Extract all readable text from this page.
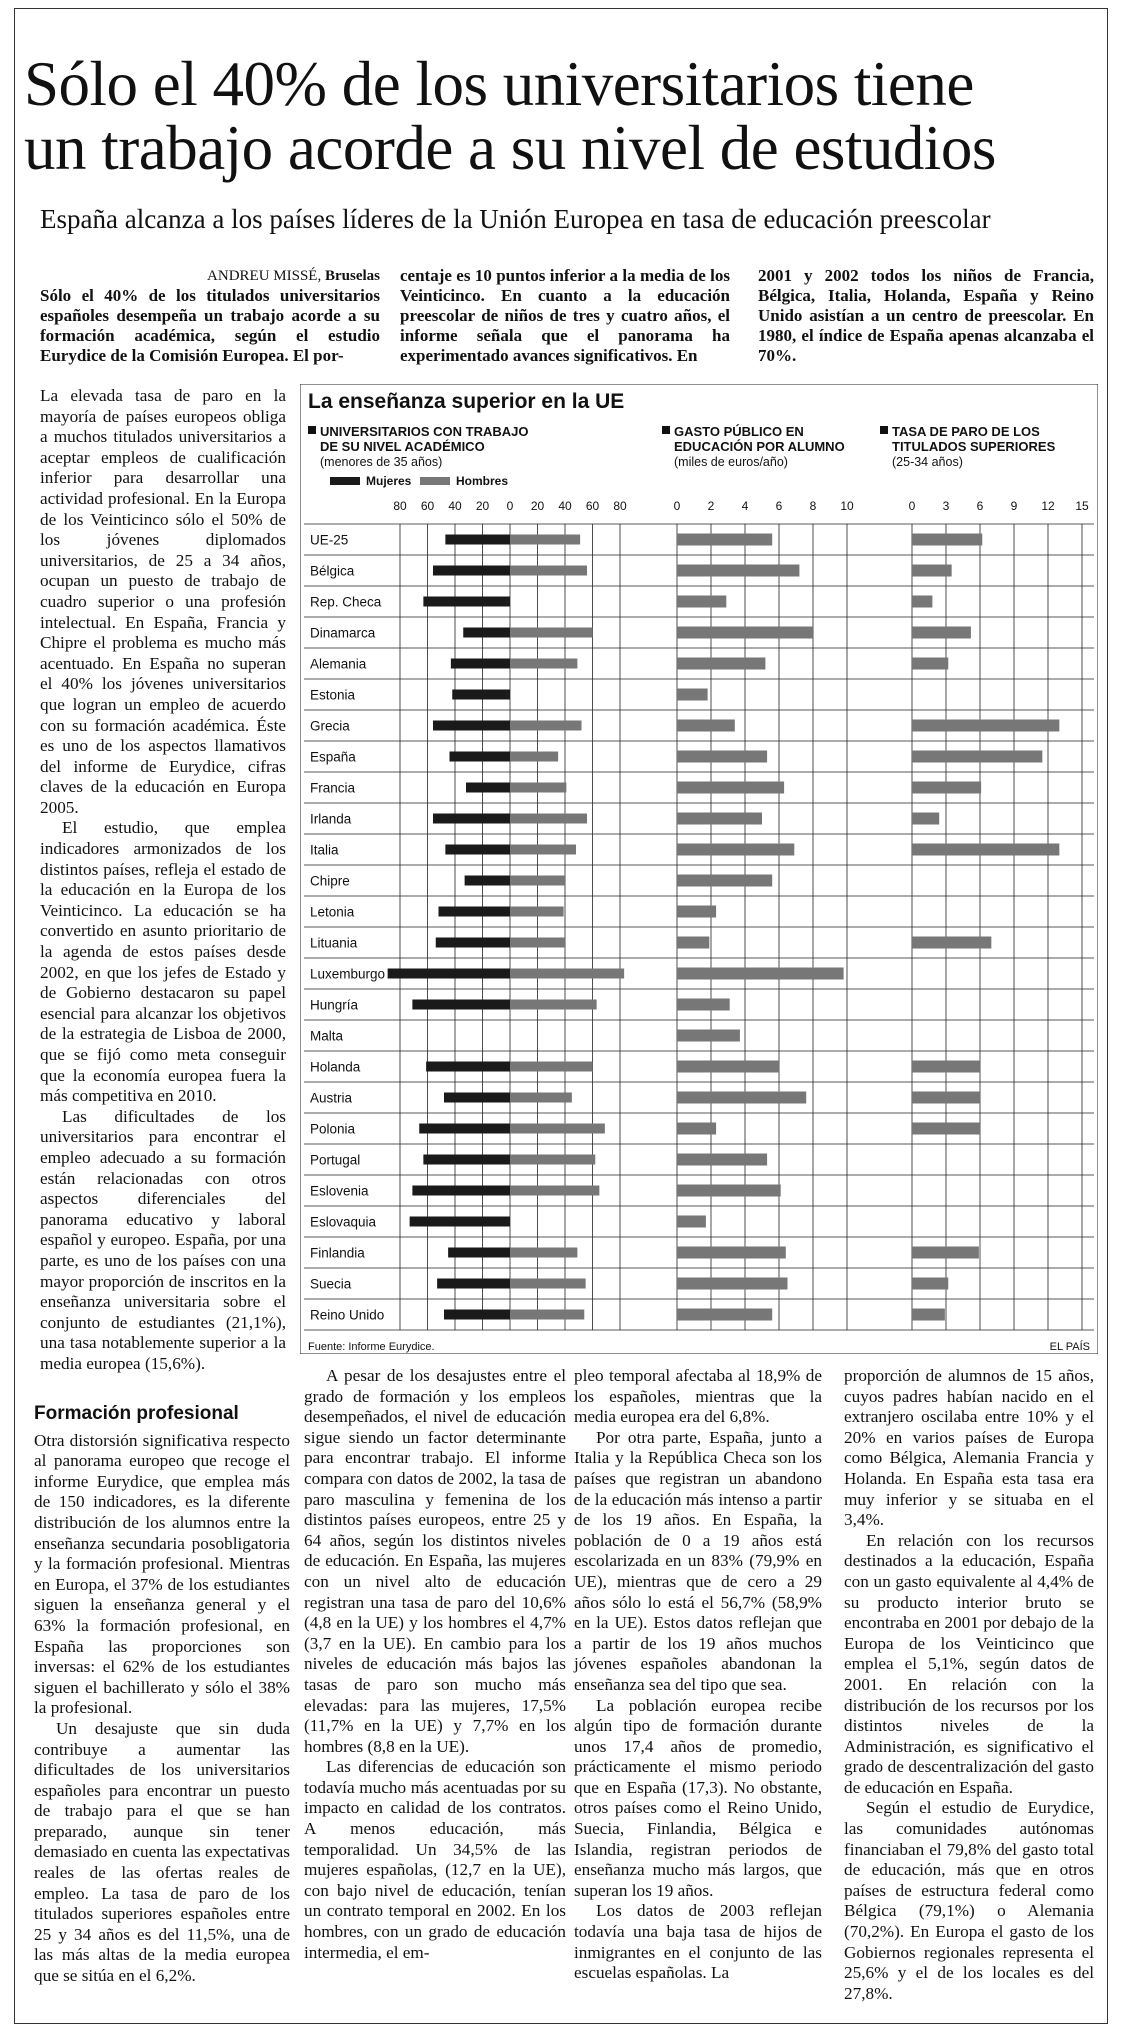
Sólo el 40% de los universitarios tiene
un trabajo acorde a su nivel de estudios
España alcanza a los países líderes de la Unión Europea en tasa de educación preescolar
ANDREU MISSÉ, Bruselas
Sólo el 40% de los titulados universitarios españoles desempeña un trabajo acorde a su formación académica, según el estudio Eurydice de la Comisión Europea. El por-
centaje es 10 puntos inferior a la media de los Veinticinco. En cuanto a la educación preescolar de niños de tres y cuatro años, el informe señala que el panorama ha experimentado avances significativos. En
2001 y 2002 todos los niños de Francia, Bélgica, Italia, Holanda, España y Reino Unido asistían a un centro de preescolar. En 1980, el índice de España apenas alcanzaba el 70%.

La elevada tasa de paro en la mayoría de países europeos obliga a muchos titulados universitarios a aceptar empleos de cualificación inferior para desarrollar una actividad profesional. En la Europa de los Veinticinco sólo el 50% de los jóvenes diplomados universitarios, de 25 a 34 años, ocupan un puesto de trabajo de cuadro superior o una profesión intelectual. En España, Francia y Chipre el problema es mucho más acentuado. En España no superan el 40% los jóvenes universitarios que logran un empleo de acuerdo con su formación académica. Éste es uno de los aspectos llamativos del informe de Eurydice, cifras claves de la educación en Europa 2005.

El estudio, que emplea indicadores armonizados de los distintos países, refleja el estado de la educación en la Europa de los Veinticinco. La educación se ha convertido en asunto prioritario de la agenda de estos países desde 2002, en que los jefes de Estado y de Gobierno destacaron su papel esencial para alcanzar los objetivos de la estrategia de Lisboa de 2000, que se fijó como meta conseguir que la economía europea fuera la más competitiva en 2010.

Las dificultades de los universitarios para encontrar el empleo adecuado a su formación están relacionadas con otros aspectos diferenciales del panorama educativo y laboral español y europeo. España, por una parte, es uno de los países con una mayor proporción de inscritos en la enseñanza universitaria sobre el conjunto de estudiantes (21,1%), una tasa notablemente superior a la media europea (15,6%).

La enseñanza superior en la UE
UE-25
Bélgica
Rep. Checa
Dinamarca
Alemania
Estonia
Grecia
España
Francia
Irlanda
Italia
Chipre
Letonia
Lituania
Luxemburgo
Hungría
Malta
Holanda
Austria
Polonia
Portugal
Eslovenia
Eslovaquia
Finlandia
Suecia
Reino Unido
UNIVERSITARIOS CON TRABAJO
DE SU NIVEL ACADÉMICO
(menores de 35 años)
80 60 40 20 0 20 40 60 80
Mujeres	Hombres
GASTO PÚBLICO EN
EDUCACIÓN POR ALUMNO
(miles de euros/año)
0 2 4 6 8 10
TASA DE PARO DE LOS
TITULADOS SUPERIORES
(25-34 años)
0 3 6 9 12 15
Fuente: Informe Eurydice.	EL PAÍS
Formación profesional

Otra distorsión significativa respecto al panorama europeo que recoge el informe Eurydice, que emplea más de 150 indicadores, es la diferente distribución de los alumnos entre la enseñanza secundaria posobligatoria y la formación profesional. Mientras en Europa, el 37% de los estudiantes siguen la enseñanza general y el 63% la formación profesional, en España las proporciones son inversas: el 62% de los estudiantes siguen el bachillerato y sólo el 38% la profesional.

Un desajuste que sin duda contribuye a aumentar las dificultades de los universitarios españoles para encontrar un puesto de trabajo para el que se han preparado, aunque sin tener demasiado en cuenta las expectativas reales de las ofertas reales de empleo. La tasa de paro de los titulados superiores españoles entre 25 y 34 años es del 11,5%, una de las más altas de la media europea que se sitúa en el 6,2%.

A pesar de los desajustes entre el grado de formación y los empleos desempeñados, el nivel de educación sigue siendo un factor determinante para encontrar trabajo. El informe compara con datos de 2002, la tasa de paro masculina y femenina de los distintos países europeos, entre 25 y 64 años, según los distintos niveles de educación. En España, las mujeres con un nivel alto de educación registran una tasa de paro del 10,6% (4,8 en la UE) y los hombres el 4,7% (3,7 en la UE). En cambio para los niveles de educación más bajos las tasas de paro son mucho más elevadas: para las mujeres, 17,5% (11,7% en la UE) y 7,7% en los hombres (8,8 en la UE).

Las diferencias de educación son todavía mucho más acentuadas por su impacto en calidad de los contratos. A menos educación, más temporalidad. Un 34,5% de las mujeres españolas, (12,7 en la UE), con bajo nivel de educación, tenían un contrato temporal en 2002. En los hombres, con un grado de educación intermedia, el em-

pleo temporal afectaba al 18,9% de los españoles, mientras que la media europea era del 6,8%.

Por otra parte, España, junto a Italia y la República Checa son los países que registran un abandono de la educación más intenso a partir de los 19 años. En España, la población de 0 a 19 años está escolarizada en un 83% (79,9% en UE), mientras que de cero a 29 años sólo lo está el 56,7% (58,9% en la UE). Estos datos reflejan que a partir de los 19 años muchos jóvenes españoles abandonan la enseñanza sea del tipo que sea.

La población europea recibe algún tipo de formación durante unos 17,4 años de promedio, prácticamente el mismo periodo que en España (17,3). No obstante, otros países como el Reino Unido, Suecia, Finlandia, Bélgica e Islandia, registran periodos de enseñanza mucho más largos, que superan los 19 años.

Los datos de 2003 reflejan todavía una baja tasa de hijos de inmigrantes en el conjunto de las escuelas españolas. La

proporción de alumnos de 15 años, cuyos padres habían nacido en el extranjero oscilaba entre 10% y el 20% en varios países de Europa como Bélgica, Alemania Francia y Holanda. En España esta tasa era muy inferior y se situaba en el 3,4%.

En relación con los recursos destinados a la educación, España con un gasto equivalente al 4,4% de su producto interior bruto se encontraba en 2001 por debajo de la Europa de los Veinticinco que emplea el 5,1%, según datos de 2001. En relación con la distribución de los recursos por los distintos niveles de la Administración, es significativo el grado de descentralización del gasto de educación en España.

Según el estudio de Eurydice, las comunidades autónomas financiaban el 79,8% del gasto total de educación, más que en otros países de estructura federal como Bélgica (79,1%) o Alemania (70,2%). En Europa el gasto de los Gobiernos regionales representa el 25,6% y el de los locales es del 27,8%.
